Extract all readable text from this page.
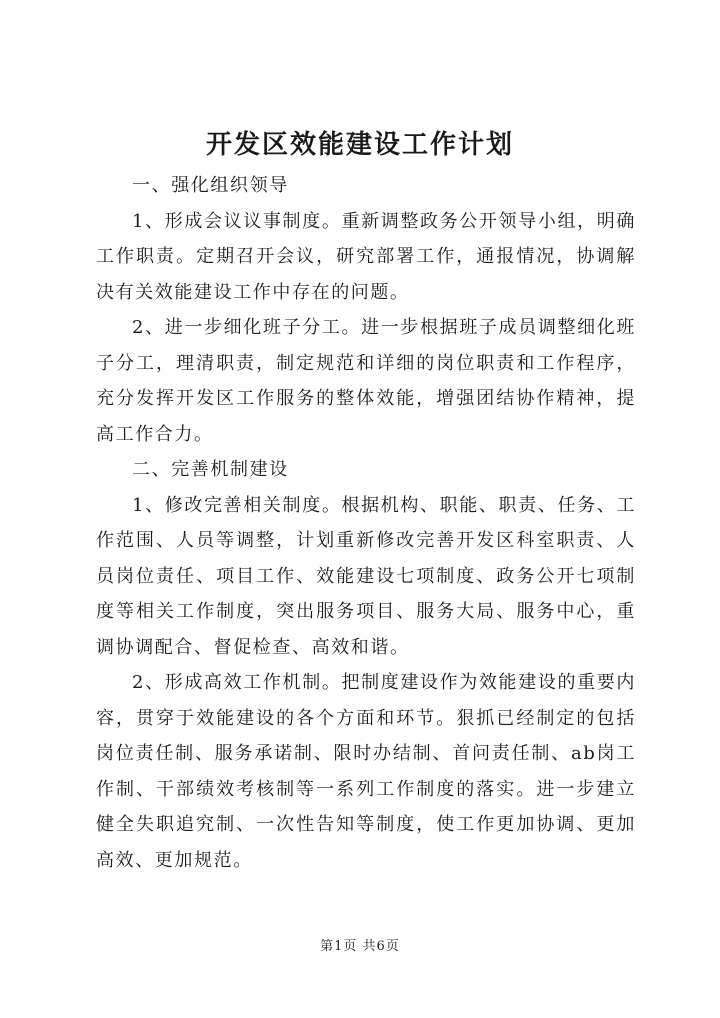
开发区效能建设工作计划

一、强化组织领导

1、形成会议议事制度。重新调整政务公开领导小组，明确工作职责。定期召开会议，研究部署工作，通报情况，协调解决有关效能建设工作中存在的问题。

2、进一步细化班子分工。进一步根据班子成员调整细化班子分工，理清职责，制定规范和详细的岗位职责和工作程序，充分发挥开发区工作服务的整体效能，增强团结协作精神，提高工作合力。

二、完善机制建设

1、修改完善相关制度。根据机构、职能、职责、任务、工作范围、人员等调整，计划重新修改完善开发区科室职责、人员岗位责任、项目工作、效能建设七项制度、政务公开七项制度等相关工作制度，突出服务项目、服务大局、服务中心，重调协调配合、督促检查、高效和谐。

2、形成高效工作机制。把制度建设作为效能建设的重要内容，贯穿于效能建设的各个方面和环节。狠抓已经制定的包括岗位责任制、服务承诺制、限时办结制、首问责任制、ab岗工作制、干部绩效考核制等一系列工作制度的落实。进一步建立健全失职追究制、一次性告知等制度，使工作更加协调、更加高效、更加规范。

第1页 共6页
